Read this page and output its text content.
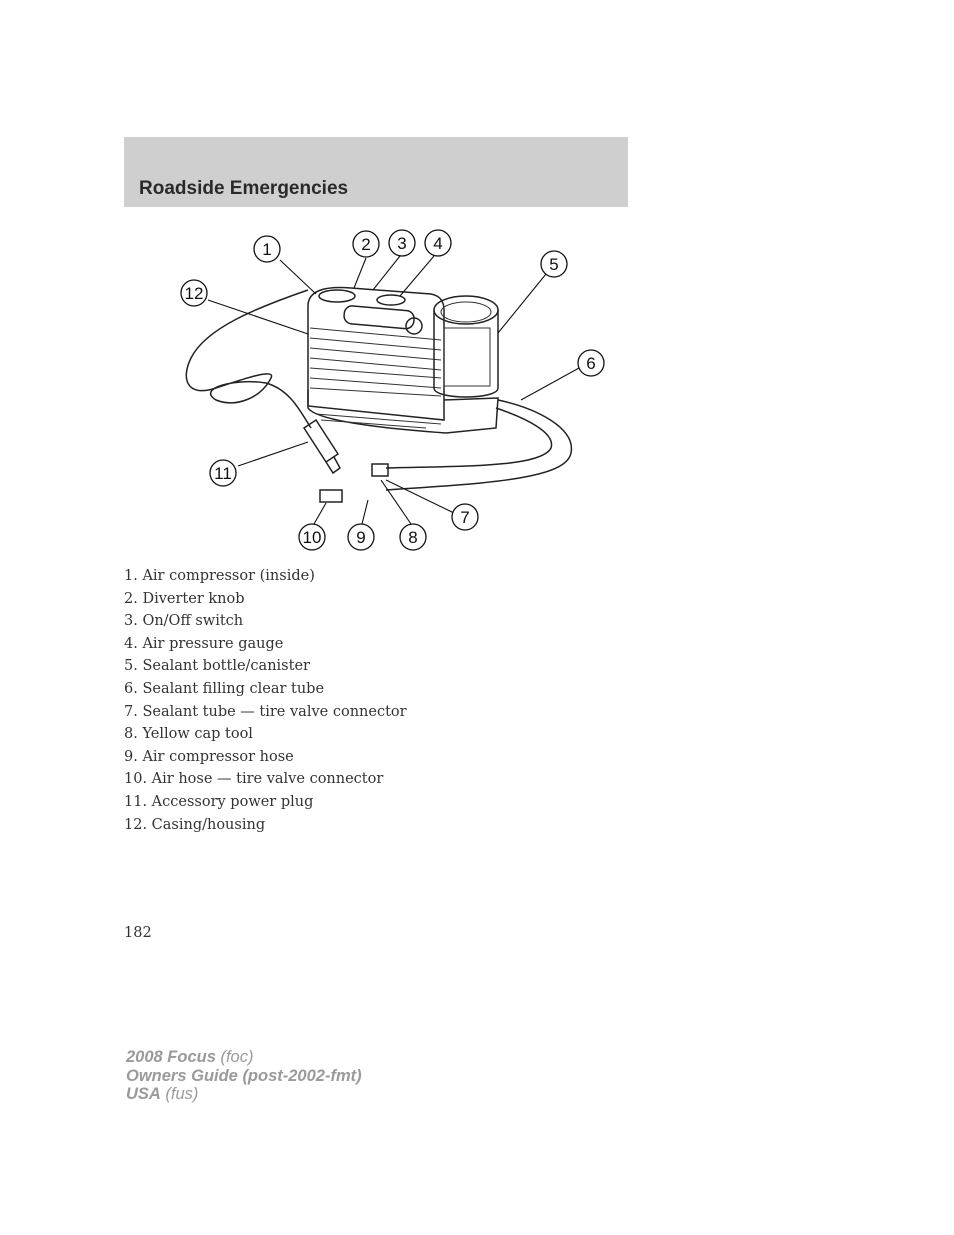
Roadside Emergencies
1	2 3 4
5
6
7
8
9
10
11
12
1. Air compressor (inside)
2. Diverter knob
3. On/Off switch
4. Air pressure gauge
5. Sealant bottle/canister
6. Sealant filling clear tube
7. Sealant tube — tire valve connector
8. Yellow cap tool
9. Air compressor hose
10. Air hose — tire valve connector
11. Accessory power plug
12. Casing/housing
182
2008 Focus (foc)
Owners Guide (post-2002-fmt)
USA (fus)
